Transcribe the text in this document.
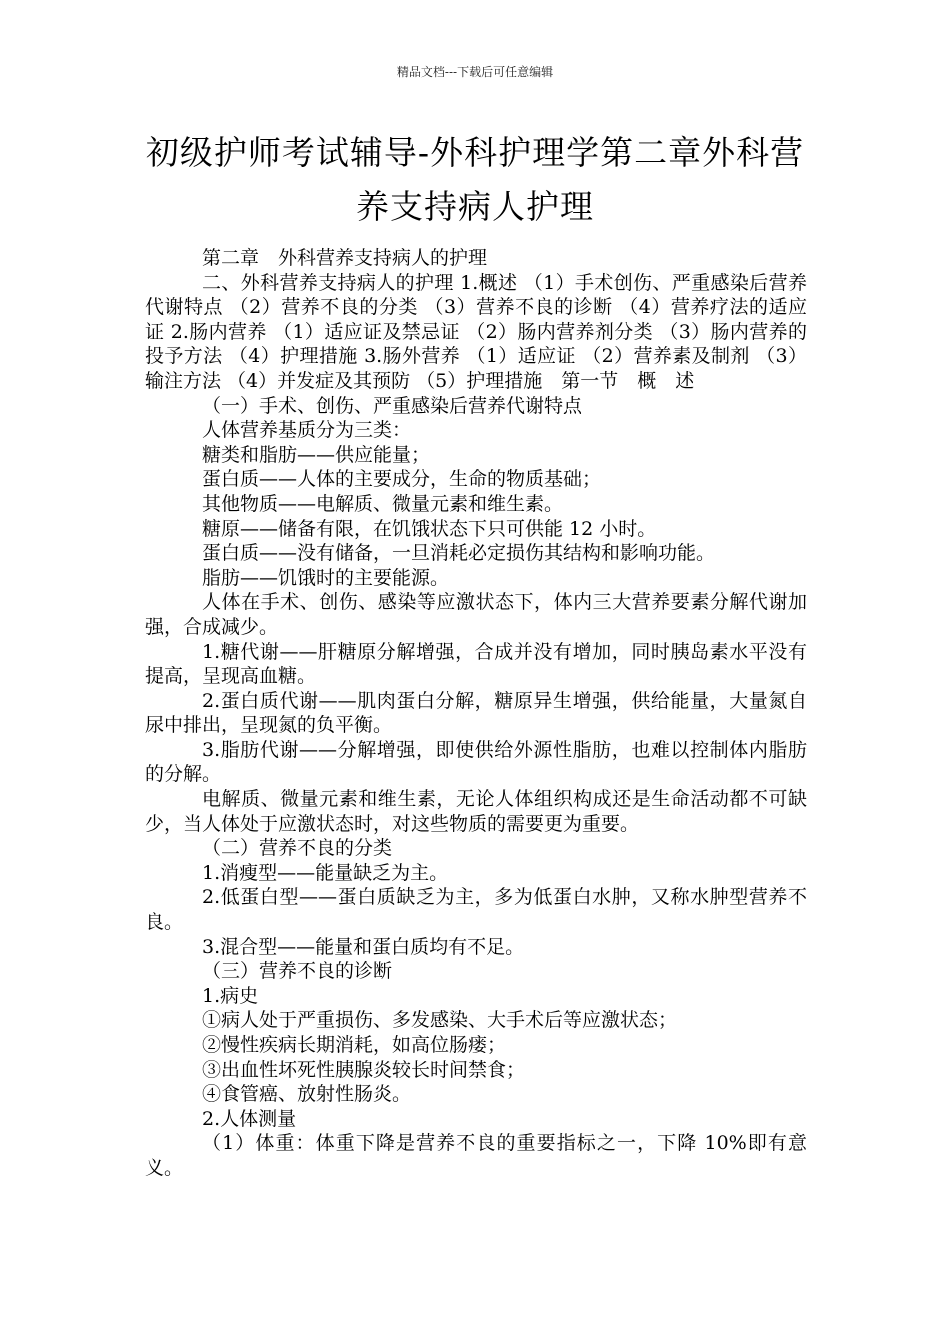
精品文档---下载后可任意编辑
初级护师考试辅导-外科护理学第二章外科营养支持病人护理

第二章　外科营养支持病人的护理

二、外科营养支持病人的护理 1.概述 （1）手术创伤、严重感染后营养代谢特点 （2）营养不良的分类 （3）营养不良的诊断 （4）营养疗法的适应证 2.肠内营养 （1）适应证及禁忌证 （2）肠内营养剂分类 （3）肠内营养的投予方法 （4）护理措施 3.肠外营养 （1）适应证 （2）营养素及制剂 （3）输注方法 （4）并发症及其预防 （5）护理措施　第一节　概　述

（一）手术、创伤、严重感染后营养代谢特点

人体营养基质分为三类：

糖类和脂肪——供应能量；

蛋白质——人体的主要成分，生命的物质基础；

其他物质——电解质、微量元素和维生素。

糖原——储备有限，在饥饿状态下只可供能 12 小时。

蛋白质——没有储备，一旦消耗必定损伤其结构和影响功能。

脂肪——饥饿时的主要能源。

人体在手术、创伤、感染等应激状态下，体内三大营养要素分解代谢加强，合成减少。

1.糖代谢——肝糖原分解增强，合成并没有增加，同时胰岛素水平没有提高，呈现高血糖。

2.蛋白质代谢——肌肉蛋白分解，糖原异生增强，供给能量，大量氮自尿中排出，呈现氮的负平衡。

3.脂肪代谢——分解增强，即使供给外源性脂肪，也难以控制体内脂肪的分解。

电解质、微量元素和维生素，无论人体组织构成还是生命活动都不可缺少，当人体处于应激状态时，对这些物质的需要更为重要。

（二）营养不良的分类

1.消瘦型——能量缺乏为主。

2.低蛋白型——蛋白质缺乏为主，多为低蛋白水肿，又称水肿型营养不良。

3.混合型——能量和蛋白质均有不足。

（三）营养不良的诊断

1.病史

①病人处于严重损伤、多发感染、大手术后等应激状态；

②慢性疾病长期消耗，如高位肠瘘；

③出血性坏死性胰腺炎较长时间禁食；

④食管癌、放射性肠炎。

2.人体测量

（1）体重：体重下降是营养不良的重要指标之一，下降 10%即有意义。
